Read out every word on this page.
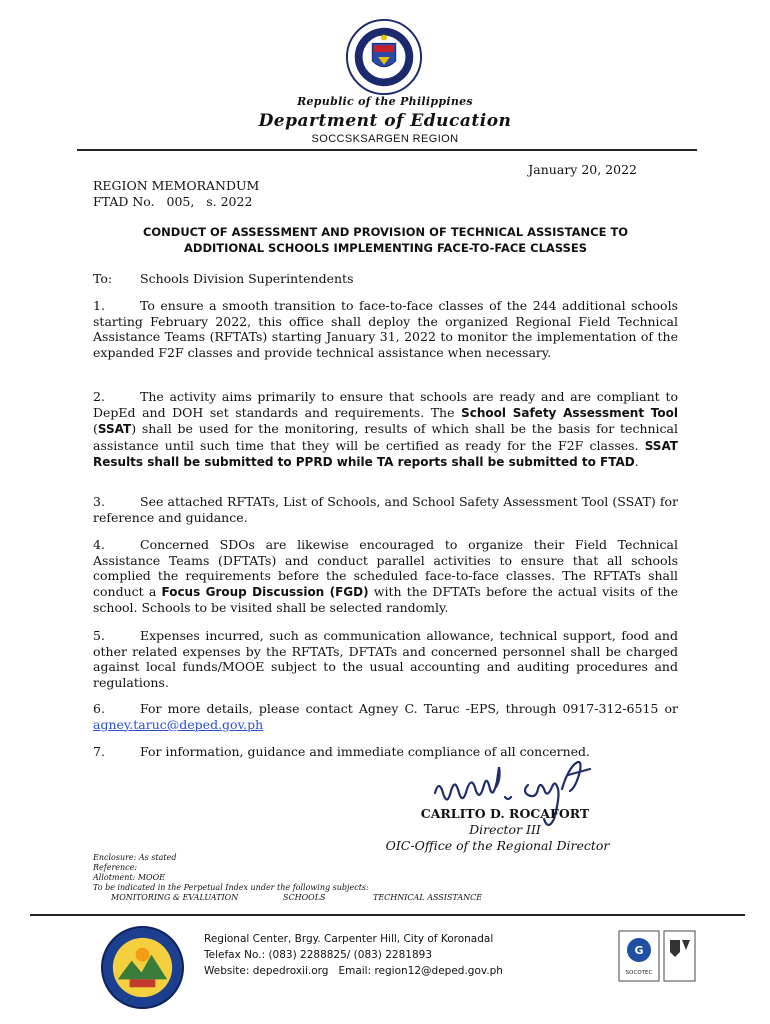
Republic of the Philippines
Department of Education
SOCCSKSARGEN REGION
January 20, 2022
REGION MEMORANDUM
FTAD No.   005,   s. 2022
CONDUCT OF ASSESSMENT AND PROVISION OF TECHNICAL ASSISTANCE TO
ADDITIONAL SCHOOLS IMPLEMENTING FACE-TO-FACE CLASSES
To: Schools Division Superintendents
1.	To ensure a smooth transition to face-to-face classes of the 244 additional schools starting February 2022, this office shall deploy the organized Regional Field Technical Assistance Teams (RFTATs) starting January 31, 2022 to monitor the implementation of the expanded F2F classes and provide technical assistance when necessary.
2.	The activity aims primarily to ensure that schools are ready and are compliant to DepEd and DOH set standards and requirements. The School Safety Assessment Tool (SSAT) shall be used for the monitoring, results of which shall be the basis for technical assistance until such time that they will be certified as ready for the F2F classes. SSAT Results shall be submitted to PPRD while TA reports shall be submitted to FTAD.
3.	See attached RFTATs, List of Schools, and School Safety Assessment Tool (SSAT) for reference and guidance.
4.	Concerned SDOs are likewise encouraged to organize their Field Technical Assistance Teams (DFTATs) and conduct parallel activities to ensure that all schools complied the requirements before the scheduled face-to-face classes. The RFTATs shall conduct a Focus Group Discussion (FGD) with the DFTATs before the actual visits of the school. Schools to be visited shall be selected randomly.
5.	Expenses incurred, such as communication allowance, technical support, food and other related expenses by the RFTATs, DFTATs and concerned personnel shall be charged against local funds/MOOE subject to the usual accounting and auditing procedures and regulations.
6.	For more details, please contact Agney C. Taruc -EPS, through 0917-312-6515 or agney.taruc@deped.gov.ph
7.	For information, guidance and immediate compliance of all concerned.
CARLITO D. ROCAFORT
Director III
OIC-Office of the Regional Director
Enclosure: As stated
Reference:
Allotment: MOOE
To be indicated in the Perpetual Index under the following subjects:
MONITORING & EVALUATION	SCHOOLS	TECHNICAL ASSISTANCE
Regional Center, Brgy. Carpenter Hill, City of Koronadal
Telefax No.: (083) 2288825/ (083) 2281893
Website: depedroxii.org   Email: region12@deped.gov.ph
G
SOCOTEC
